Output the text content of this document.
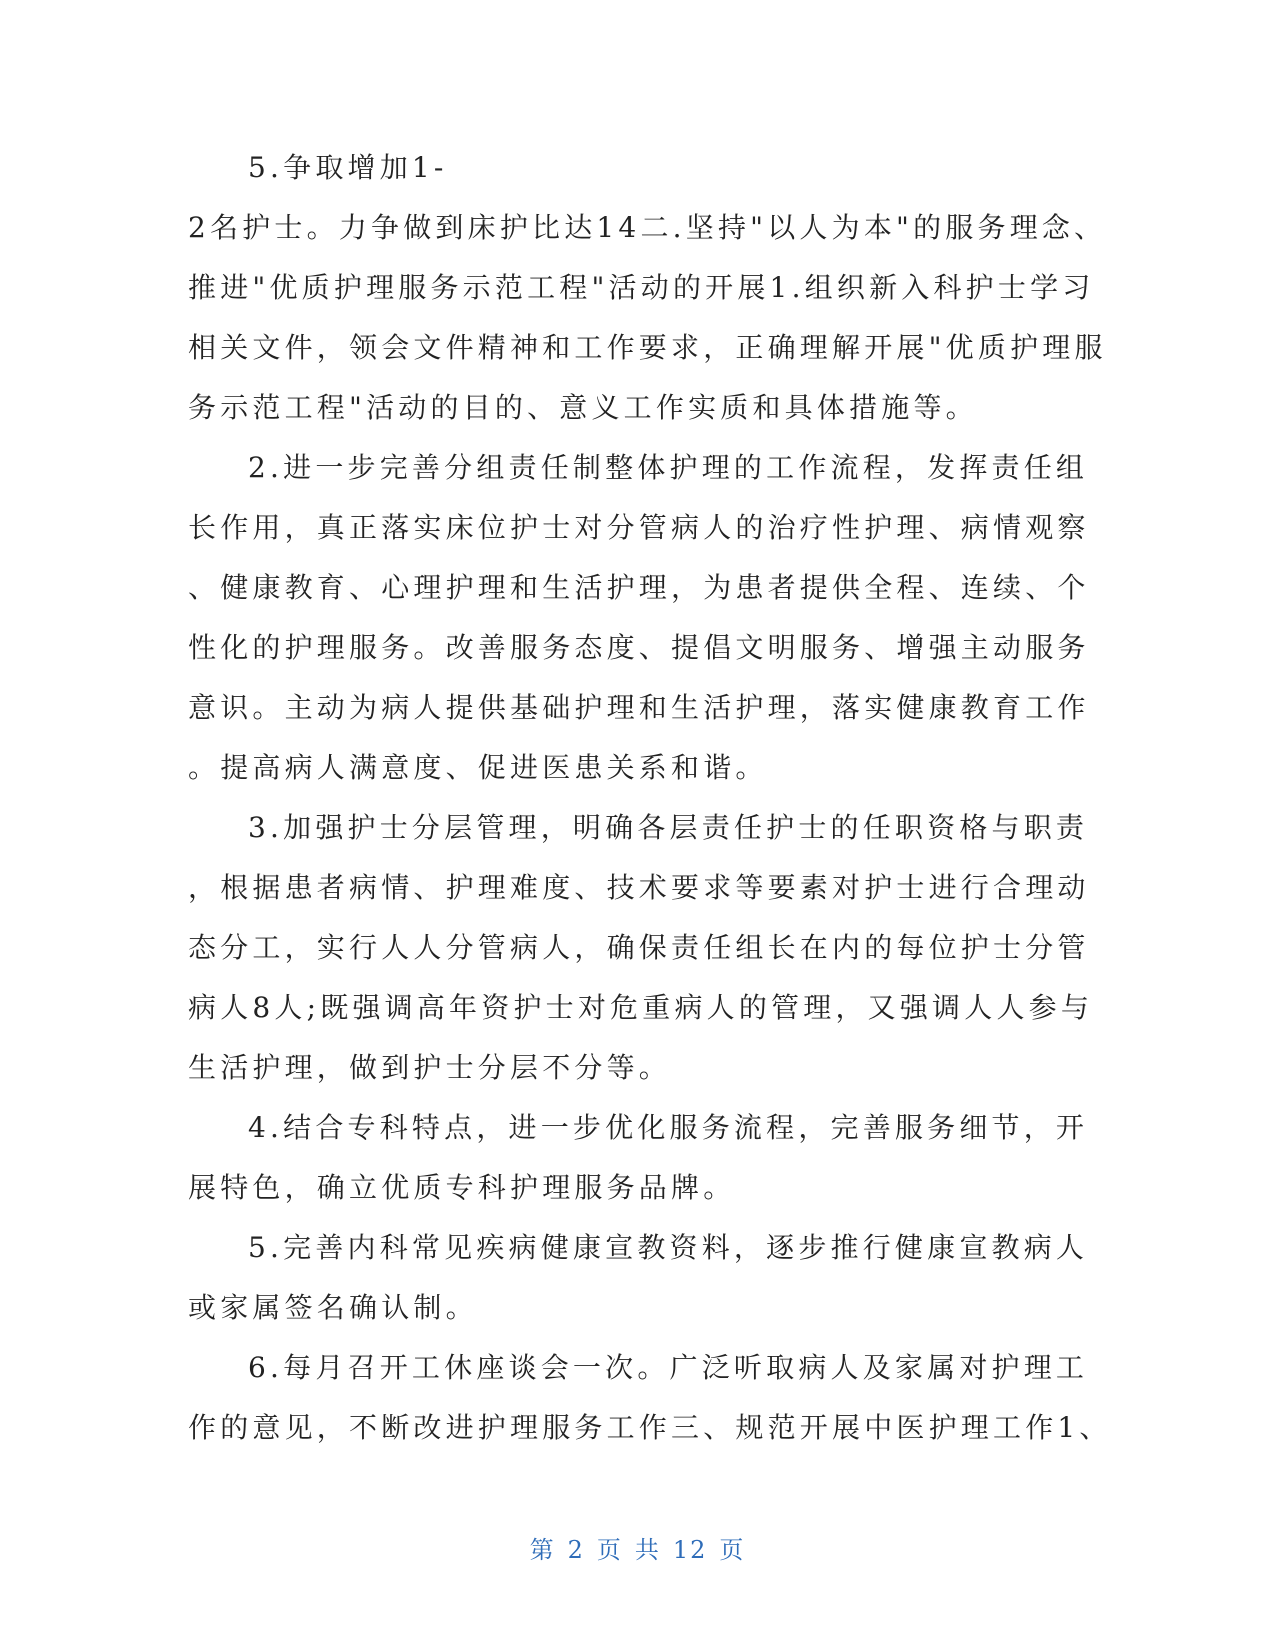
5.争取增加1-

2名护士。力争做到床护比达14二.坚持"以人为本"的服务理念、
推进"优质护理服务示范工程"活动的开展1.组织新入科护士学习
相关文件，领会文件精神和工作要求，正确理解开展"优质护理服
务示范工程"活动的目的、意义工作实质和具体措施等。

2.进一步完善分组责任制整体护理的工作流程，发挥责任组
长作用，真正落实床位护士对分管病人的治疗性护理、病情观察
、健康教育、心理护理和生活护理，为患者提供全程、连续、个
性化的护理服务。改善服务态度、提倡文明服务、增强主动服务
意识。主动为病人提供基础护理和生活护理，落实健康教育工作
。提高病人满意度、促进医患关系和谐。

3.加强护士分层管理，明确各层责任护士的任职资格与职责
，根据患者病情、护理难度、技术要求等要素对护士进行合理动
态分工，实行人人分管病人，确保责任组长在内的每位护士分管
病人8人;既强调高年资护士对危重病人的管理，又强调人人参与
生活护理，做到护士分层不分等。

4.结合专科特点，进一步优化服务流程，完善服务细节，开
展特色，确立优质专科护理服务品牌。

5.完善内科常见疾病健康宣教资料，逐步推行健康宣教病人
或家属签名确认制。

6.每月召开工休座谈会一次。广泛听取病人及家属对护理工
作的意见，不断改进护理服务工作三、规范开展中医护理工作1、

第 2 页 共 12 页
